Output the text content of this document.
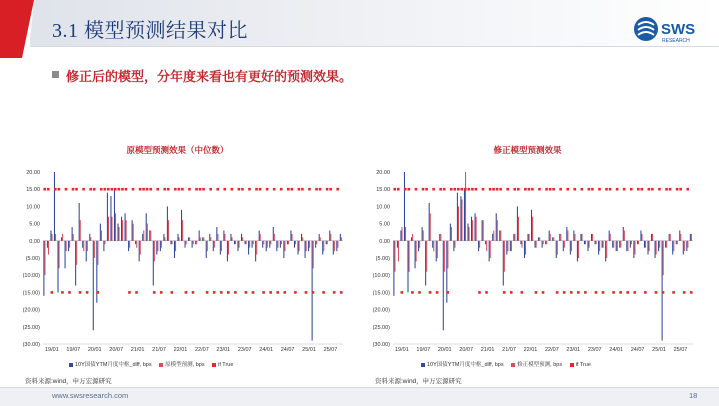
3.1 模型预测结果对比	SWS
RESEARCH
修正后的模型，分年度来看也有更好的预测效果。
原模型预测效果（中位数）
20.00
15.00
10.00
5.00
0.00
(5.00)
(10.00)
(15.00)
(20.00)
(25.00)
(30.00)
19/01 19/07 20/01 20/07 21/01 21/07 22/01 22/07 23/01 23/07 24/01 24/07 25/01 25/07
10Y国债YTM月度中枢_diff, bps 原模型预测, bps if True
资料来源:wind，申万宏源研究
修正模型预测效果
20.00
15.00
10.00
5.00
0.00
(5.00)
(10.00)
(15.00)
(20.00)
(25.00)
(30.00)
19/01 19/07 20/01 20/07 21/01 21/07 22/01 22/07 23/01 23/07 24/01 24/07 25/01 25/07
10Y国债YTM月度中枢_diff, bps 修正模型预测, bps if True
资料来源:wind，申万宏源研究
www.swsresearch.com	18
